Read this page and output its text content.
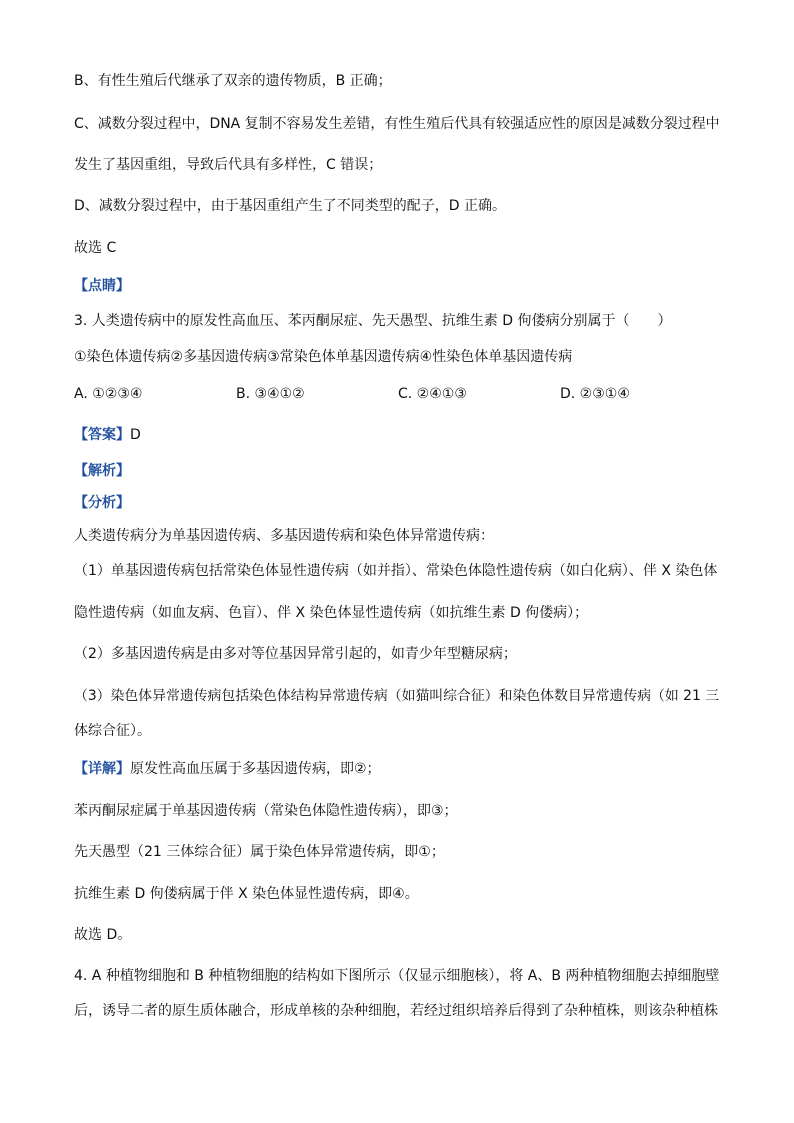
B、有性生殖后代继承了双亲的遗传物质，B 正确；
C、减数分裂过程中，DNA 复制不容易发生差错，有性生殖后代具有较强适应性的原因是减数分裂过程中
发生了基因重组，导致后代具有多样性，C 错误；
D、减数分裂过程中，由于基因重组产生了不同类型的配子，D 正确。
故选 C
【点睛】
3. 人类遗传病中的原发性高血压、苯丙酮尿症、先天愚型、抗维生素 D 佝偻病分别属于（　　）
①染色体遗传病②多基因遗传病③常染色体单基因遗传病④性染色体单基因遗传病
A. ①②③④	B. ③④①②	C. ②④①③	D. ②③①④
【答案】D
【解析】
【分析】
人类遗传病分为单基因遗传病、多基因遗传病和染色体异常遗传病：
（1）单基因遗传病包括常染色体显性遗传病（如并指）、常染色体隐性遗传病（如白化病）、伴 X 染色体
隐性遗传病（如血友病、色盲）、伴 X 染色体显性遗传病（如抗维生素 D 佝偻病）；
（2）多基因遗传病是由多对等位基因异常引起的，如青少年型糖尿病；
（3）染色体异常遗传病包括染色体结构异常遗传病（如猫叫综合征）和染色体数目异常遗传病（如 21 三
体综合征）。
【详解】原发性高血压属于多基因遗传病，即②；
苯丙酮尿症属于单基因遗传病（常染色体隐性遗传病），即③；
先天愚型（21 三体综合征）属于染色体异常遗传病，即①；
抗维生素 D 佝偻病属于伴 X 染色体显性遗传病，即④。
故选 D。
4. A 种植物细胞和 B 种植物细胞的结构如下图所示（仅显示细胞核），将 A、B 两种植物细胞去掉细胞壁
后，诱导二者的原生质体融合，形成单核的杂种细胞，若经过组织培养后得到了杂种植株，则该杂种植株
